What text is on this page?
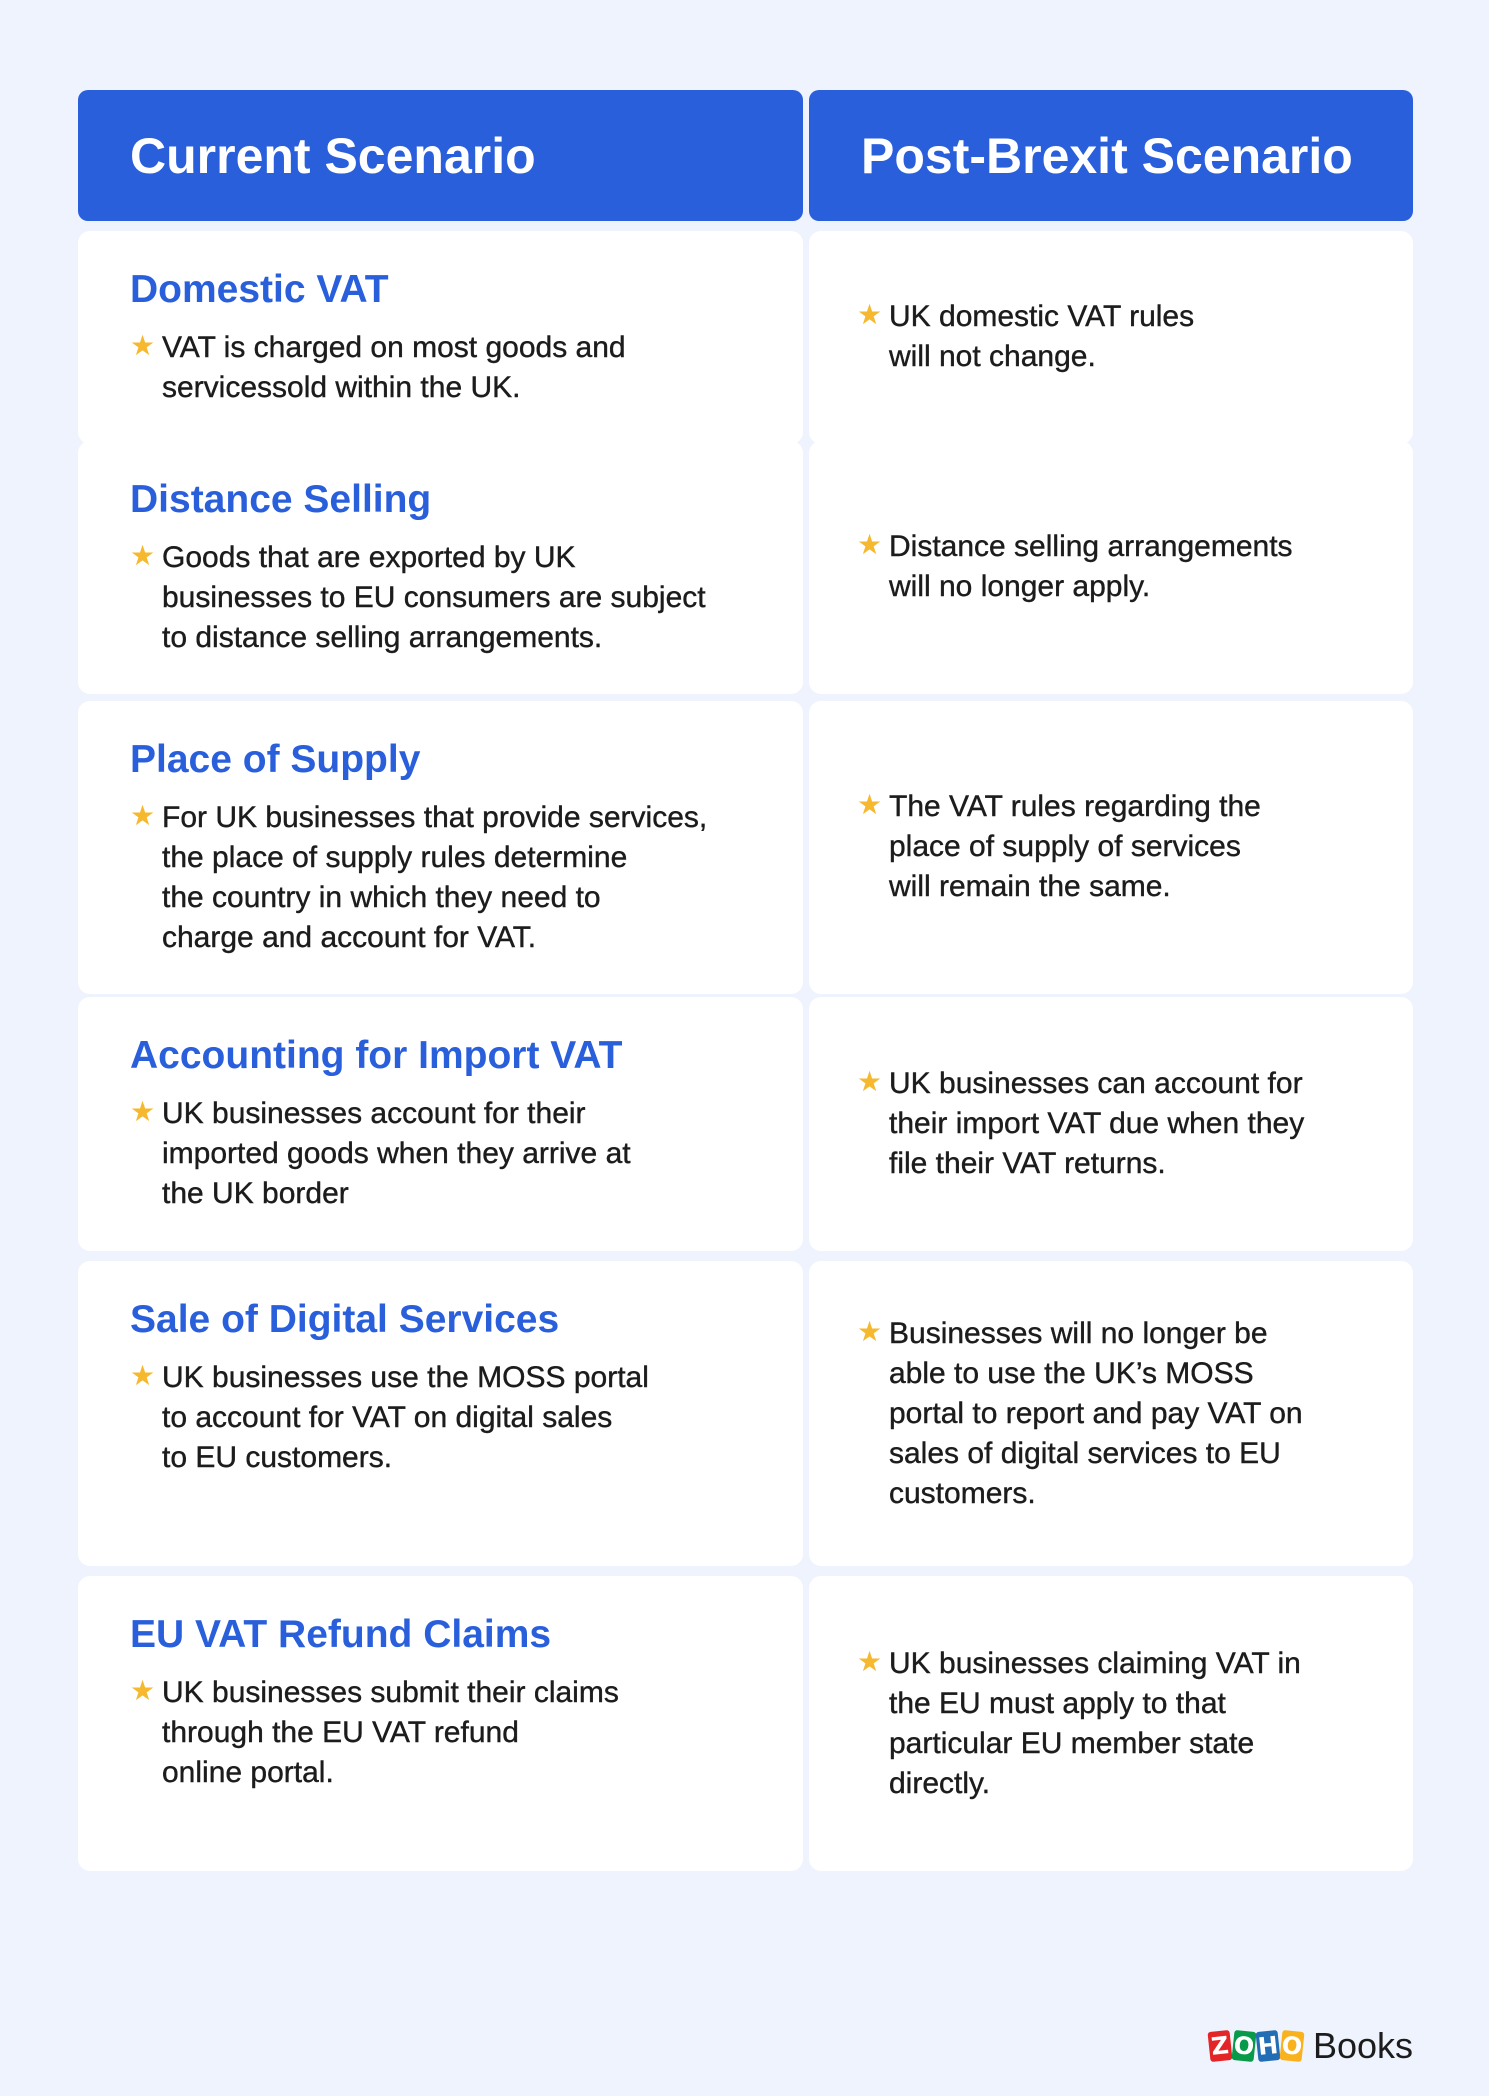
Current Scenario	Post-Brexit Scenario
Domestic VAT
★ VAT is charged on most goods and
servicessold within the UK.
★ UK domestic VAT rules
will not change.
Distance Selling
★ Goods that are exported by UK
businesses to EU consumers are subject
to distance selling arrangements.
★ Distance selling arrangements
will no longer apply.
Place of Supply
★ For UK businesses that provide services,
the place of supply rules determine
the country in which they need to
charge and account for VAT.
★ The VAT rules regarding the
place of supply of services
will remain the same.
Accounting for Import VAT
★ UK businesses account for their
imported goods when they arrive at
the UK border
★ UK businesses can account for
their import VAT due when they
file their VAT returns.
Sale of Digital Services
★ UK businesses use the MOSS portal
to account for VAT on digital sales
to EU customers.
★ Businesses will no longer be
able to use the UK’s MOSS
portal to report and pay VAT on
sales of digital services to EU
customers.
EU VAT Refund Claims
★ UK businesses submit their claims
through the EU VAT refund
online portal.
★ UK businesses claiming VAT in
the EU must apply to that
particular EU member state
directly.
Z O H O Books
